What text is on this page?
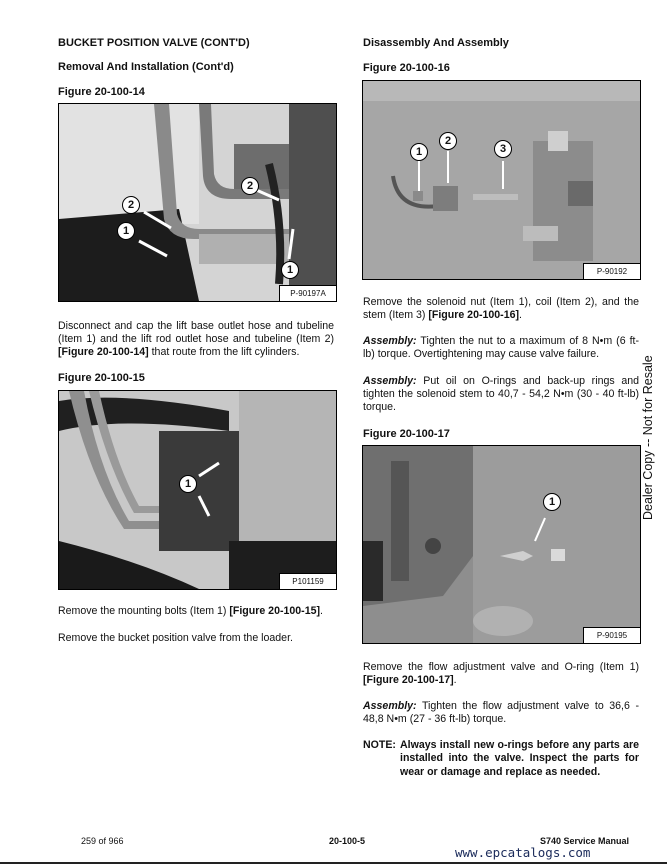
BUCKET POSITION VALVE (CONT'D)
Removal And Installation (Cont'd)
Figure 20-100-14
2
2
1
1
P-90197A
Disconnect and cap the lift base outlet hose and tubeline (Item 1) and the lift rod outlet hose and tubeline (Item 2) [Figure 20-100-14] that route from the lift cylinders.
Figure 20-100-15
1
P101159
Remove the mounting bolts (Item 1) [Figure 20-100-15].
Remove the bucket position valve from the loader.
Disassembly And Assembly
Figure 20-100-16
1
2
3
P-90192
Remove the solenoid nut (Item 1), coil (Item 2), and the stem (Item 3) [Figure 20-100-16].
Assembly: Tighten the nut to a maximum of 8 N•m (6 ft-lb) torque. Overtightening may cause valve failure.
Assembly: Put oil on O-rings and back-up rings and tighten the solenoid stem to 40,7 - 54,2 N•m (30 - 40 ft-lb) torque.
Figure 20-100-17
1
P-90195
Remove the flow adjustment valve and O-ring (Item 1) [Figure 20-100-17].
Assembly: Tighten the flow adjustment valve to 36,6 - 48,8 N•m (27 - 36 ft-lb) torque.
NOTE: Always install new o-rings before any parts are installed into the valve. Inspect the parts for wear or damage and replace as needed.
Dealer Copy -- Not for Resale
259 of 966	20-100-5	S740 Service Manual
www.epcatalogs.com
